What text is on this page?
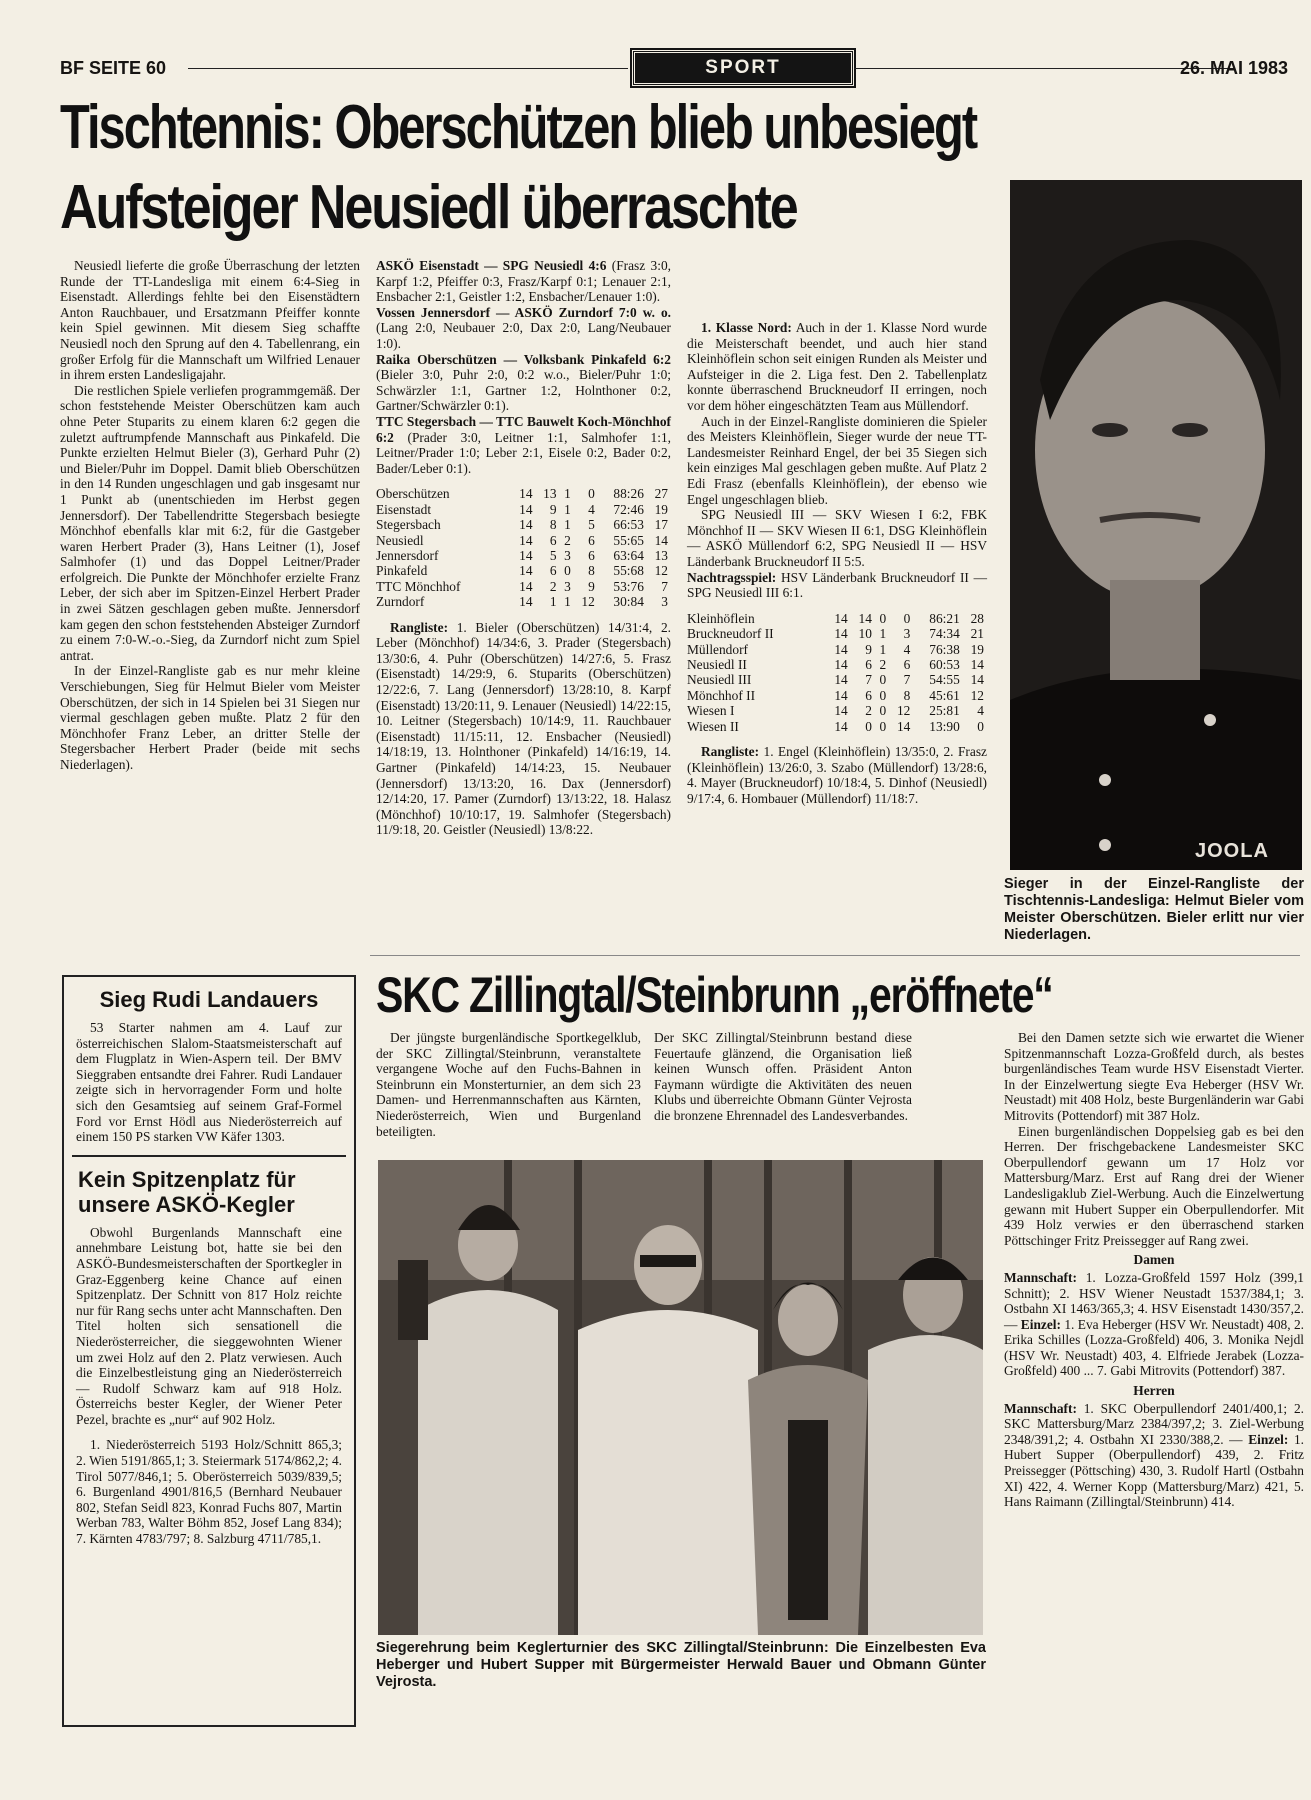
BF SEITE 60	SPORT	26. MAI 1983
Tischtennis: Oberschützen blieb unbesiegt
Aufsteiger Neusiedl überraschte

Neusiedl lieferte die große Überraschung der letzten Runde der TT-Landesliga mit einem 6:4-Sieg in Eisenstadt. Allerdings fehlte bei den Eisenstädtern Anton Rauchbauer, und Ersatzmann Pfeiffer konnte kein Spiel gewinnen. Mit diesem Sieg schaffte Neusiedl noch den Sprung auf den 4. Tabellenrang, ein großer Erfolg für die Mannschaft um Wilfried Lenauer in ihrem ersten Landesligajahr.

Die restlichen Spiele verliefen programmgemäß. Der schon feststehende Meister Oberschützen kam auch ohne Peter Stuparits zu einem klaren 6:2 gegen die zuletzt auftrumpfende Mannschaft aus Pinkafeld. Die Punkte erzielten Helmut Bieler (3), Gerhard Puhr (2) und Bieler/Puhr im Doppel. Damit blieb Oberschützen in den 14 Runden ungeschlagen und gab insgesamt nur 1 Punkt ab (unentschieden im Herbst gegen Jennersdorf). Der Tabellendritte Stegersbach besiegte Mönchhof ebenfalls klar mit 6:2, für die Gastgeber waren Herbert Prader (3), Hans Leitner (1), Josef Salmhofer (1) und das Doppel Leitner/Prader erfolgreich. Die Punkte der Mönchhofer erzielte Franz Leber, der sich aber im Spitzen-Einzel Herbert Prader in zwei Sätzen geschlagen geben mußte. Jennersdorf kam gegen den schon feststehenden Absteiger Zurndorf zu einem 7:0-W.-o.-Sieg, da Zurndorf nicht zum Spiel antrat.

In der Einzel-Rangliste gab es nur mehr kleine Verschiebungen, Sieg für Helmut Bieler vom Meister Oberschützen, der sich in 14 Spielen bei 31 Siegen nur viermal geschlagen geben mußte. Platz 2 für den Mönchhofer Franz Leber, an dritter Stelle der Stegersbacher Herbert Prader (beide mit sechs Niederlagen).

ASKÖ Eisenstadt — SPG Neusiedl 4:6 (Frasz 3:0, Karpf 1:2, Pfeiffer 0:3, Frasz/Karpf 0:1; Lenauer 2:1, Ensbacher 2:1, Geistler 1:2, Ensbacher/Lenauer 1:0).

Vossen Jennersdorf — ASKÖ Zurndorf 7:0 w. o. (Lang 2:0, Neubauer 2:0, Dax 2:0, Lang/Neubauer 1:0).

Raika Oberschützen — Volksbank Pinkafeld 6:2 (Bieler 3:0, Puhr 2:0, 0:2 w.o., Bieler/Puhr 1:0; Schwärzler 1:1, Gartner 1:2, Holnthoner 0:2, Gartner/Schwärzler 0:1).

TTC Stegersbach — TTC Bauwelt Koch-Mönchhof 6:2 (Prader 3:0, Leitner 1:1, Salmhofer 1:1, Leitner/Prader 1:0; Leber 2:1, Eisele 0:2, Bader 0:2, Bader/Leber 0:1).

Oberschützen	14	13	1	0	88:26	27
Eisenstadt	14	9	1	4	72:46	19
Stegersbach	14	8	1	5	66:53	17
Neusiedl	14	6	2	6	55:65	14
Jennersdorf	14	5	3	6	63:64	13
Pinkafeld	14	6	0	8	55:68	12
TTC Mönchhof	14	2	3	9	53:76	7
Zurndorf	14	1	1	12	30:84	3

Rangliste: 1. Bieler (Oberschützen) 14/31:4, 2. Leber (Mönchhof) 14/34:6, 3. Prader (Stegersbach) 13/30:6, 4. Puhr (Oberschützen) 14/27:6, 5. Frasz (Eisenstadt) 14/29:9, 6. Stuparits (Oberschützen) 12/22:6, 7. Lang (Jennersdorf) 13/28:10, 8. Karpf (Eisenstadt) 13/20:11, 9. Lenauer (Neusiedl) 14/22:15, 10. Leitner (Stegersbach) 10/14:9, 11. Rauchbauer (Eisenstadt) 11/15:11, 12. Ensbacher (Neusiedl) 14/18:19, 13. Holnthoner (Pinkafeld) 14/16:19, 14. Gartner (Pinkafeld) 14/14:23, 15. Neubauer (Jennersdorf) 13/13:20, 16. Dax (Jennersdorf) 12/14:20, 17. Pamer (Zurndorf) 13/13:22, 18. Halasz (Mönchhof) 10/10:17, 19. Salmhofer (Stegersbach) 11/9:18, 20. Geistler (Neusiedl) 13/8:22.

1. Klasse Nord: Auch in der 1. Klasse Nord wurde die Meisterschaft beendet, und auch hier stand Kleinhöflein schon seit einigen Runden als Meister und Aufsteiger in die 2. Liga fest. Den 2. Tabellenplatz konnte überraschend Bruckneudorf II erringen, noch vor dem höher eingeschätzten Team aus Müllendorf.

Auch in der Einzel-Rangliste dominieren die Spieler des Meisters Kleinhöflein, Sieger wurde der neue TT-Landesmeister Reinhard Engel, der bei 35 Siegen sich kein einziges Mal geschlagen geben mußte. Auf Platz 2 Edi Frasz (ebenfalls Kleinhöflein), der ebenso wie Engel ungeschlagen blieb.

SPG Neusiedl III — SKV Wiesen I 6:2, FBK Mönchhof II — SKV Wiesen II 6:1, DSG Kleinhöflein — ASKÖ Müllendorf 6:2, SPG Neusiedl II — HSV Länderbank Bruckneudorf II 5:5.

Nachtragsspiel: HSV Länderbank Bruckneudorf II — SPG Neusiedl III 6:1.

Kleinhöflein	14	14	0	0	86:21	28
Bruckneudorf II	14	10	1	3	74:34	21
Müllendorf	14	9	1	4	76:38	19
Neusiedl II	14	6	2	6	60:53	14
Neusiedl III	14	7	0	7	54:55	14
Mönchhof II	14	6	0	8	45:61	12
Wiesen I	14	2	0	12	25:81	4
Wiesen II	14	0	0	14	13:90	0

Rangliste: 1. Engel (Kleinhöflein) 13/35:0, 2. Frasz (Kleinhöflein) 13/26:0, 3. Szabo (Müllendorf) 13/28:6, 4. Mayer (Bruckneudorf) 10/18:4, 5. Dinhof (Neusiedl) 9/17:4, 6. Hombauer (Müllendorf) 11/18:7.

JOOLA
Sieger in der Einzel-Rangliste der Tischtennis-Landesliga: Helmut Bieler vom Meister Oberschützen. Bieler erlitt nur vier Niederlagen.
Sieg Rudi Landauers

53 Starter nahmen am 4. Lauf zur österreichischen Slalom-Staatsmeisterschaft auf dem Flugplatz in Wien-Aspern teil. Der BMV Sieggraben entsandte drei Fahrer. Rudi Landauer zeigte sich in hervorragender Form und holte sich den Gesamtsieg auf seinem Graf-Formel Ford vor Ernst Hödl aus Niederösterreich auf einem 150 PS starken VW Käfer 1303.

Kein Spitzenplatz für unsere ASKÖ-Kegler

Obwohl Burgenlands Mannschaft eine annehmbare Leistung bot, hatte sie bei den ASKÖ-Bundesmeisterschaften der Sportkegler in Graz-Eggenberg keine Chance auf einen Spitzenplatz. Der Schnitt von 817 Holz reichte nur für Rang sechs unter acht Mannschaften. Den Titel holten sich sensationell die Niederösterreicher, die sieggewohnten Wiener um zwei Holz auf den 2. Platz verwiesen. Auch die Einzelbestleistung ging an Niederösterreich — Rudolf Schwarz kam auf 918 Holz. Österreichs bester Kegler, der Wiener Peter Pezel, brachte es „nur“ auf 902 Holz.

1. Niederösterreich 5193 Holz/Schnitt 865,3; 2. Wien 5191/865,1; 3. Steiermark 5174/862,2; 4. Tirol 5077/846,1; 5. Oberösterreich 5039/839,5; 6. Burgenland 4901/816,5 (Bernhard Neubauer 802, Stefan Seidl 823, Konrad Fuchs 807, Martin Werban 783, Walter Böhm 852, Josef Lang 834); 7. Kärnten 4783/797; 8. Salzburg 4711/785,1.

SKC Zillingtal/Steinbrunn „eröffnete“

Der jüngste burgenländische Sportkegelklub, der SKC Zillingtal/Steinbrunn, veranstaltete vergangene Woche auf den Fuchs-Bahnen in Steinbrunn ein Monsterturnier, an dem sich 23 Damen- und Herrenmannschaften aus Kärnten, Niederösterreich, Wien und Burgenland beteiligten.

Der SKC Zillingtal/Steinbrunn bestand diese Feuertaufe glänzend, die Organisation ließ keinen Wunsch offen. Präsident Anton Faymann würdigte die Aktivitäten des neuen Klubs und überreichte Obmann Günter Vejrosta die bronzene Ehrennadel des Landesverbandes.

Siegerehrung beim Keglerturnier des SKC Zillingtal/Steinbrunn: Die Einzelbesten Eva Heberger und Hubert Supper mit Bürgermeister Herwald Bauer und Obmann Günter Vejrosta.

Bei den Damen setzte sich wie erwartet die Wiener Spitzenmannschaft Lozza-Großfeld durch, als bestes burgenländisches Team wurde HSV Eisenstadt Vierter. In der Einzelwertung siegte Eva Heberger (HSV Wr. Neustadt) mit 408 Holz, beste Burgenländerin war Gabi Mitrovits (Pottendorf) mit 387 Holz.

Einen burgenländischen Doppelsieg gab es bei den Herren. Der frischgebackene Landesmeister SKC Oberpullendorf gewann um 17 Holz vor Mattersburg/Marz. Erst auf Rang drei der Wiener Landesligaklub Ziel-Werbung. Auch die Einzelwertung gewann mit Hubert Supper ein Oberpullendorfer. Mit 439 Holz verwies er den überraschend starken Pöttschinger Fritz Preissegger auf Rang zwei.

Damen

Mannschaft: 1. Lozza-Großfeld 1597 Holz (399,1 Schnitt); 2. HSV Wiener Neustadt 1537/384,1; 3. Ostbahn XI 1463/365,3; 4. HSV Eisenstadt 1430/357,2. — Einzel: 1. Eva Heberger (HSV Wr. Neustadt) 408, 2. Erika Schilles (Lozza-Großfeld) 406, 3. Monika Nejdl (HSV Wr. Neustadt) 403, 4. Elfriede Jerabek (Lozza-Großfeld) 400 ... 7. Gabi Mitrovits (Pottendorf) 387.

Herren

Mannschaft: 1. SKC Oberpullendorf 2401/400,1; 2. SKC Mattersburg/Marz 2384/397,2; 3. Ziel-Werbung 2348/391,2; 4. Ostbahn XI 2330/388,2. — Einzel: 1. Hubert Supper (Oberpullendorf) 439, 2. Fritz Preissegger (Pöttsching) 430, 3. Rudolf Hartl (Ostbahn XI) 422, 4. Werner Kopp (Mattersburg/Marz) 421, 5. Hans Raimann (Zillingtal/Steinbrunn) 414.
